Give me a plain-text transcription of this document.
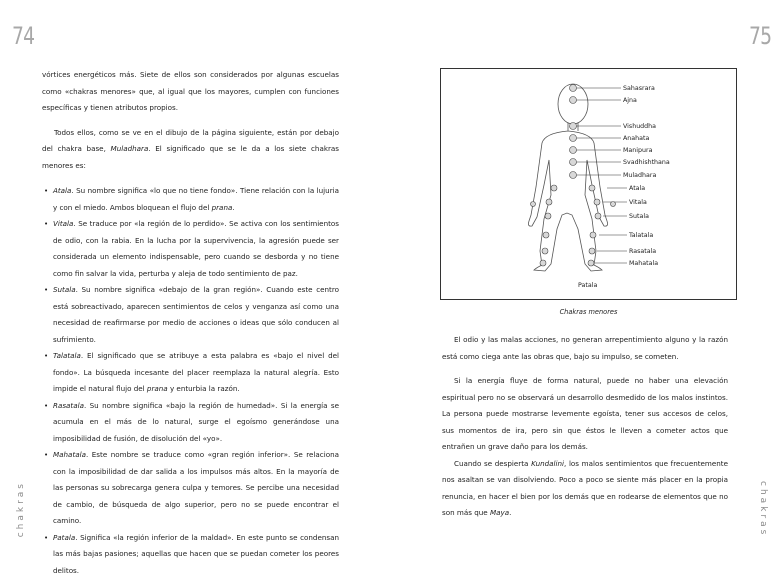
74
chakras

vórtices energéticos más. Siete de ellos son considerados por algunas escuelas como «chakras menores» que, al igual que los mayores, cumplen con funciones específicas y tienen atributos propios.

Todos ellos, como se ve en el dibujo de la página siguiente, están por debajo del chakra base, Muladhara. El significado que se le da a los siete chakras menores es:

• Atala. Su nombre significa «lo que no tiene fondo». Tiene relación con la lujuria y con el miedo. Ambos bloquean el flujo del prana.
• Vitala. Se traduce por «la región de lo perdido». Se activa con los sentimientos de odio, con la rabia. En la lucha por la supervivencia, la agresión puede ser considerada un elemento indispensable, pero cuando se desborda y no tiene como fin salvar la vida, perturba y aleja de todo sentimiento de paz.
• Sutala. Su nombre significa «debajo de la gran región». Cuando este centro está sobreactivado, aparecen sentimientos de celos y venganza así como una necesidad de reafirmarse por medio de acciones o ideas que sólo conducen al sufrimiento.
• Talatala. El significado que se atribuye a esta palabra es «bajo el nivel del fondo». La búsqueda incesante del placer reemplaza la natural alegría. Esto impide el natural flujo del prana y enturbia la razón.
• Rasatala. Su nombre significa «bajo la región de humedad». Si la energía se acumula en el más de lo natural, surge el egoísmo generándose una imposibilidad de fusión, de disolución del «yo».
• Mahatala. Este nombre se traduce como «gran región inferior». Se relaciona con la imposibilidad de dar salida a los impulsos más altos. En la mayoría de las personas su sobrecarga genera culpa y temores. Se percibe una necesidad de cambio, de búsqueda de algo superior, pero no se puede encontrar el camino.
• Patala. Significa «la región inferior de la maldad». En este punto se condensan las más bajas pasiones; aquellas que hacen que se puedan cometer los peores delitos.
75
chakras
Sahasrara
Ajna
Vishuddha
Anahata
Manipura
Svadhishthana
Muladhara
Atala
Vitala
Sutala
Talatala
Rasatala
Mahatala
Patala
Chakras menores

El odio y las malas acciones, no generan arrepentimiento alguno y la razón está como ciega ante las obras que, bajo su impulso, se cometen.

Si la energía fluye de forma natural, puede no haber una elevación espiritual pero no se observará un desarrollo desmedido de los malos instintos. La persona puede mostrarse levemente egoísta, tener sus accesos de celos, sus momentos de ira, pero sin que éstos le lleven a cometer actos que entrañen un grave daño para los demás.

Cuando se despierta Kundalini, los malos sentimientos que frecuentemente nos asaltan se van disolviendo. Poco a poco se siente más placer en la propia renuncia, en hacer el bien por los demás que en rodearse de elementos que no son más que Maya.
